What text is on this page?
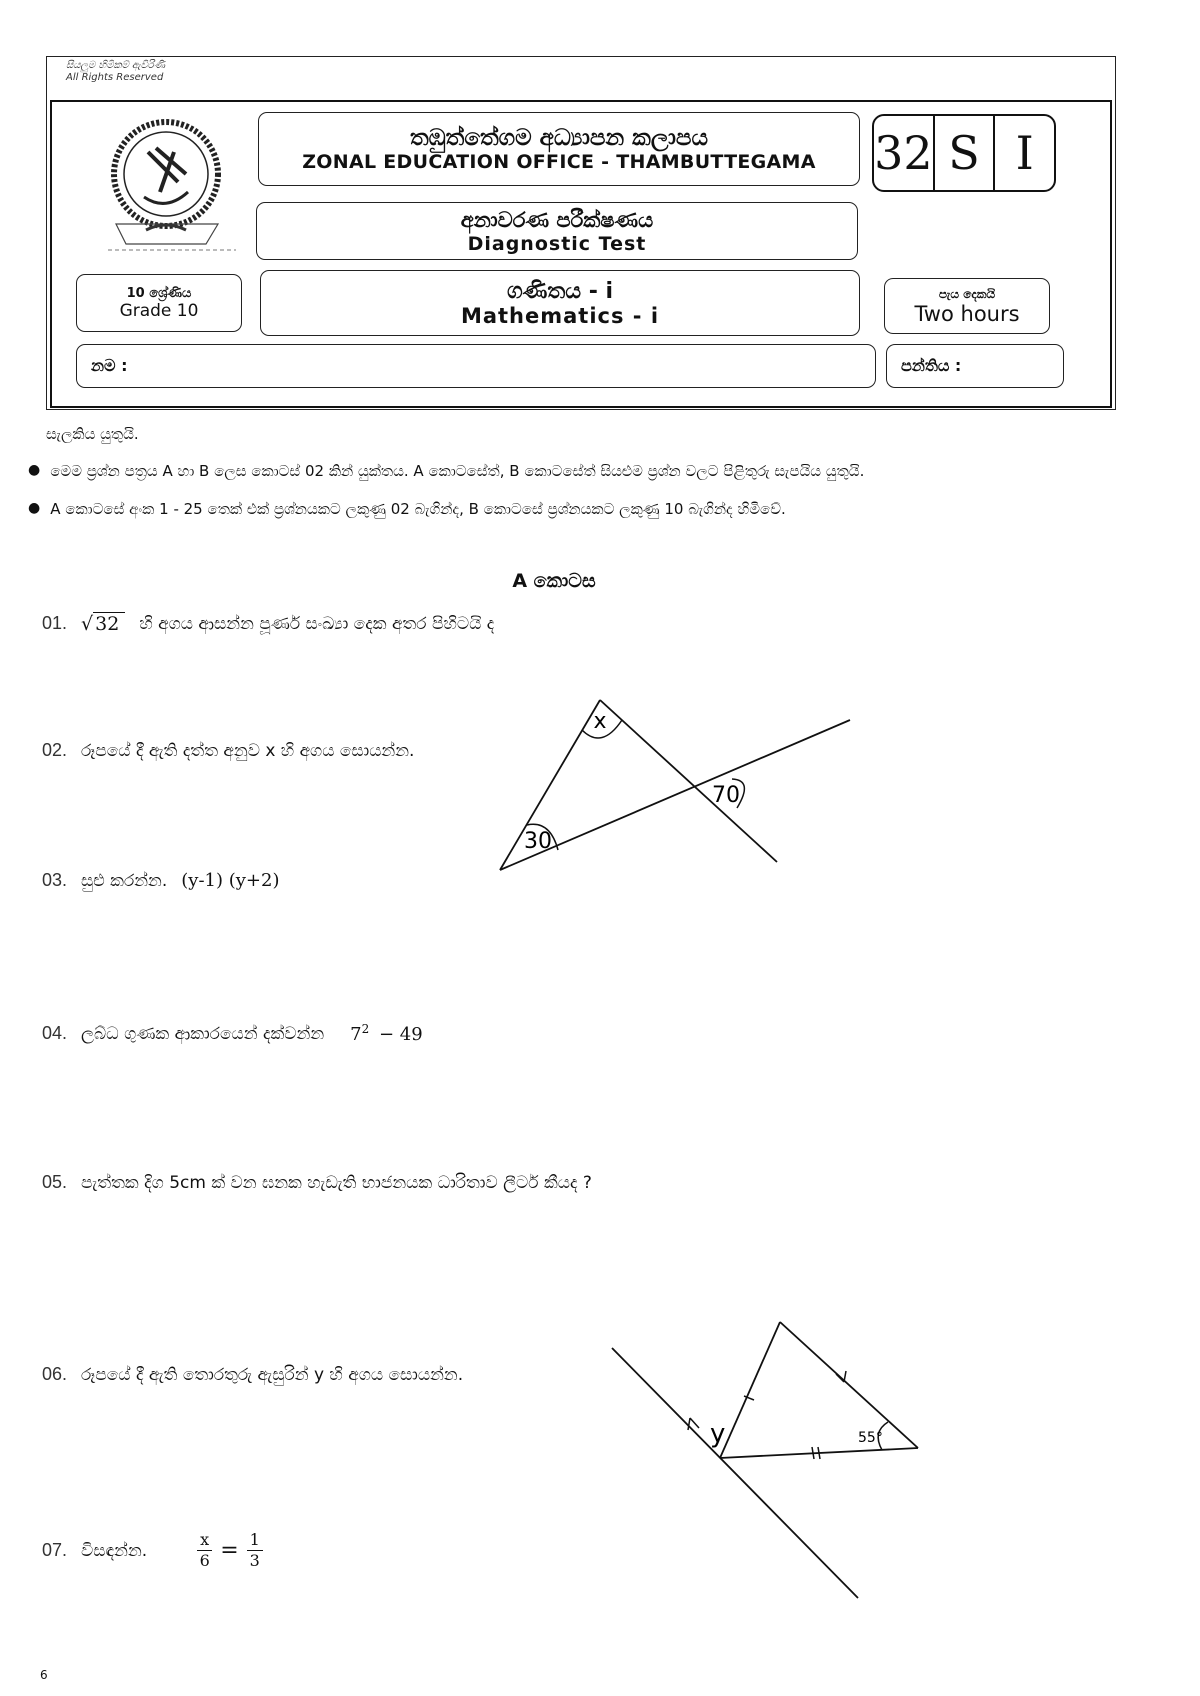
සියලුම හිමිකම් ඇවිරිණි
All Rights Reserved
තඹුත්තේගම අධ්‍යාපන කලාපය
ZONAL EDUCATION OFFICE - THAMBUTTEGAMA 32 S I
අනාවරණ පරීක්ෂණය
Diagnostic Test
10 ශ්‍රේණිය
Grade 10
ගණිතය - i
Mathematics - i
පැය දෙකයි
Two hours
නම :	පන්තිය :
සැලකිය යුතුයි.
● මෙම ප්‍රශ්න පත්‍රය A හා B ලෙස කොටස් 02 කින් යුක්තය. A කොටසේත්, B කොටසේත් සියළුම ප්‍රශ්න වලට පිළිතුරු සැපයිය යුතුයි.
● A කොටසේ අංක 1 - 25 තෙක් එක් ප්‍රශ්නයකට ලකුණු 02 බැගින්ද, B කොටසේ ප්‍රශ්නයකට ලකුණු 10 බැගින්ද හිමිවේ.
A කොටස
01. √ 32	හි අගය ආසන්න පූර්ණ සංඛ්‍යා දෙක අතර පිහිටයි ද
02. රූපයේ දී ඇති දත්ත අනුව x හි අගය සොයන්න.
x
30
70
03. සුළු කරන්න. (y-1) (y+2)
04. ලබ්ධ ගුණක ආකාරයෙන් දක්වන්න $7^2 - 49$
05. පැත්තක දිග 5cm ක් වන ඝනක හැඩැති භාජනයක ධාරිතාව ලීටර් කීයද ?
06. රූපයේ දී ඇති තොරතුරු ඇසුරින් y හි අගය සොයන්න.
y	55°
07. විසඳන්න.	$\frac{x}{6} = \frac{1}{3}$
6
